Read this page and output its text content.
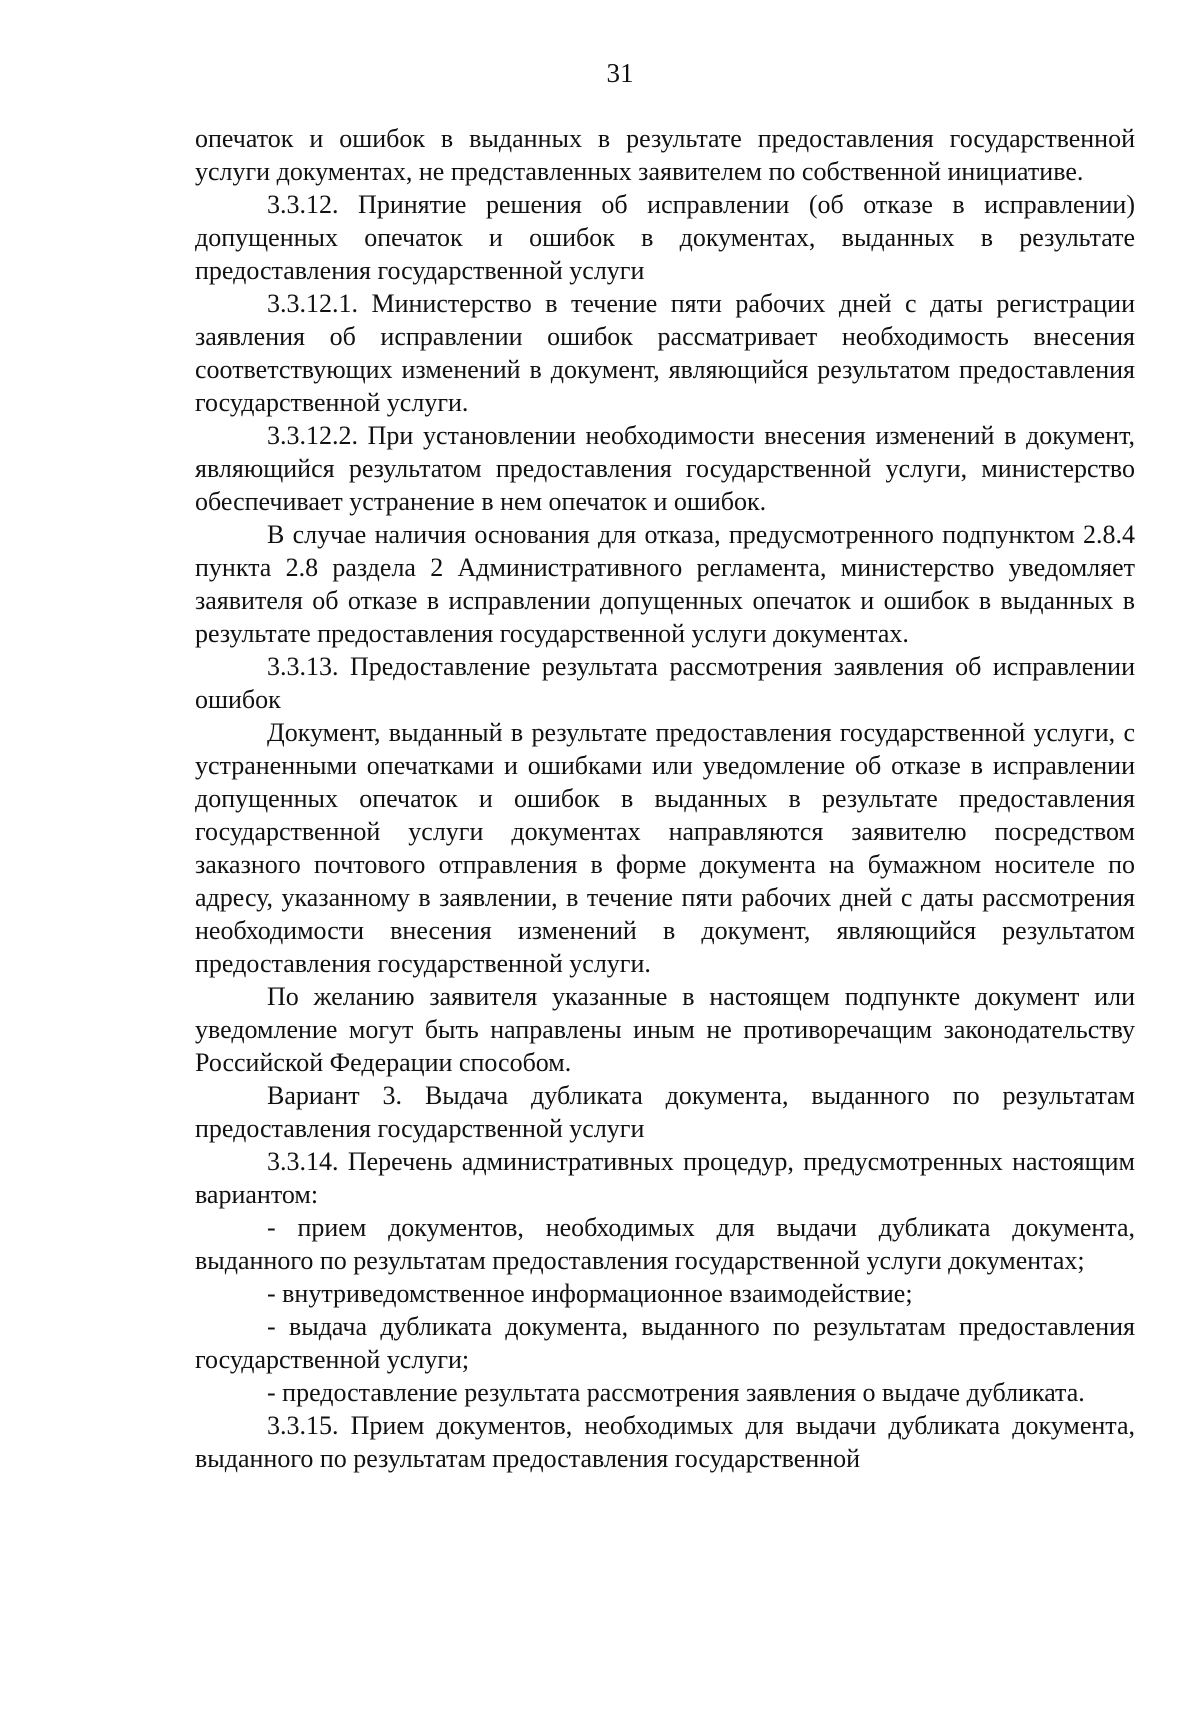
31

опечаток и ошибок в выданных в результате предоставления государственной услуги документах, не представленных заявителем по собственной инициативе.

3.3.12. Принятие решения об исправлении (об отказе в исправлении) допущенных опечаток и ошибок в документах, выданных в результате предоставления государственной услуги

3.3.12.1. Министерство в течение пяти рабочих дней с даты регистрации заявления об исправлении ошибок рассматривает необходимость внесения соответствующих изменений в документ, являющийся результатом предоставления государственной услуги.

3.3.12.2. При установлении необходимости внесения изменений в документ, являющийся результатом предоставления государственной услуги, министерство обеспечивает устранение в нем опечаток и ошибок.

В случае наличия основания для отказа, предусмотренного подпунктом 2.8.4 пункта 2.8 раздела 2 Административного регламента, министерство уведомляет заявителя об отказе в исправлении допущенных опечаток и ошибок в выданных в результате предоставления государственной услуги документах.

3.3.13. Предоставление результата рассмотрения заявления об исправлении ошибок

Документ, выданный в результате предоставления государственной услуги, с устраненными опечатками и ошибками или уведомление об отказе в исправлении допущенных опечаток и ошибок в выданных в результате предоставления государственной услуги документах направляются заявителю посредством заказного почтового отправления в форме документа на бумажном носителе по адресу, указанному в заявлении, в течение пяти рабочих дней с даты рассмотрения необходимости внесения изменений в документ, являющийся результатом предоставления государственной услуги.

По желанию заявителя указанные в настоящем подпункте документ или уведомление могут быть направлены иным не противоречащим законодательству Российской Федерации способом.

Вариант 3. Выдача дубликата документа, выданного по результатам предоставления государственной услуги

3.3.14. Перечень административных процедур, предусмотренных настоящим вариантом:

- прием документов, необходимых для выдачи дубликата документа, выданного по результатам предоставления государственной услуги документах;

- внутриведомственное информационное взаимодействие;

- выдача дубликата документа, выданного по результатам предоставления государственной услуги;

- предоставление результата рассмотрения заявления о выдаче дубликата.

3.3.15. Прием документов, необходимых для выдачи дубликата документа, выданного по результатам предоставления государственной
